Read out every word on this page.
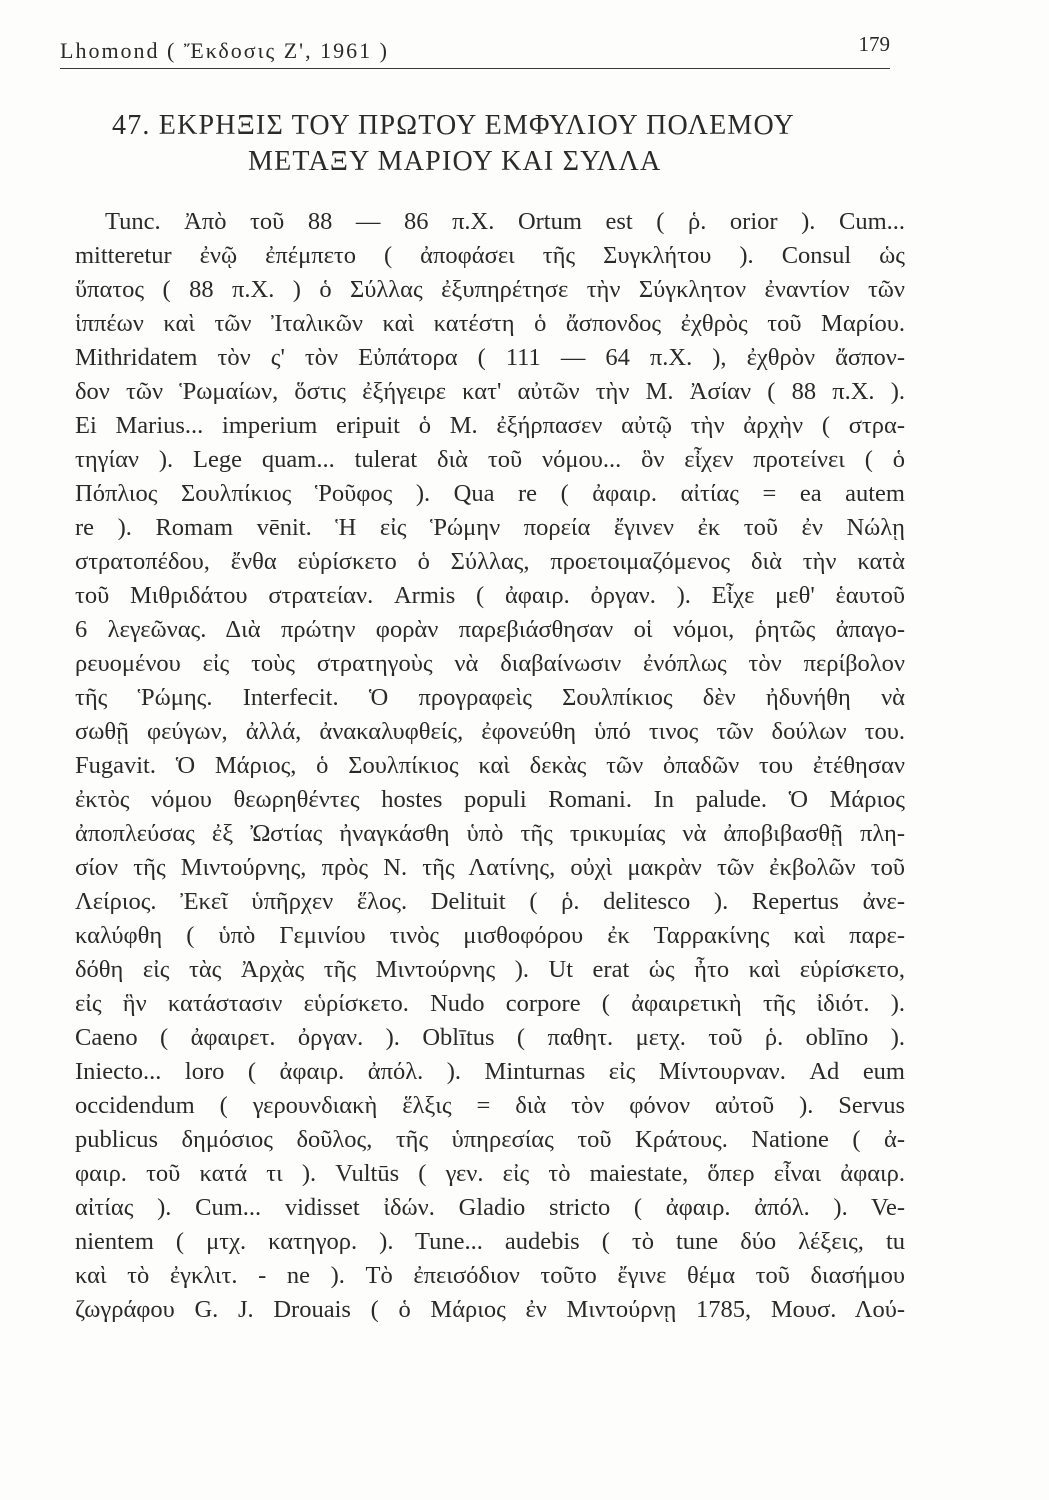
Lhomond ( Ἔκδοσις Ζ', 1961 )	179
47. ΕΚΡΗΞΙΣ ΤΟΥ ΠΡΩΤΟΥ ΕΜΦΥΛΙΟΥ ΠΟΛΕΜΟΥ
ΜΕΤΑΞΥ ΜΑΡΙΟΥ ΚΑΙ ΣΥΛΛΑ
Tunc. Ἀπὸ τοῦ 88 — 86 π.Χ. Ortum est ( ῥ. orior ). Cum...
mitteretur ἐνῷ ἐπέμπετο ( ἀποφάσει τῆς Συγκλήτου ). Consul ὡς
ὕπατος ( 88 π.Χ. ) ὁ Σύλλας ἐξυπηρέτησε τὴν Σύγκλητον ἐναντίον τῶν
ἱππέων καὶ τῶν Ἰταλικῶν καὶ κατέστη ὁ ἄσπονδος ἐχθρὸς τοῦ Μαρίου.
Mithridatem τὸν ς' τὸν Εὐπάτορα ( 111 — 64 π.Χ. ), ἐχθρὸν ἄσπον-
δον τῶν Ῥωμαίων, ὅστις ἐξήγειρε κατ' αὐτῶν τὴν Μ. Ἀσίαν ( 88 π.Χ. ).
Ei Marius... imperium eripuit ὁ Μ. ἐξήρπασεν αὐτῷ τὴν ἀρχὴν ( στρα-
τηγίαν ). Lege quam... tulerat διὰ τοῦ νόμου... ὃν εἶχεν προτείνει ( ὁ
Πόπλιος Σουλπίκιος Ῥοῦφος ). Qua re ( ἀφαιρ. αἰτίας = ea autem
re ). Romam vēnit. Ἡ εἰς Ῥώμην πορεία ἔγινεν ἐκ τοῦ ἐν Νώλῃ
στρατοπέδου, ἔνθα εὑρίσκετο ὁ Σύλλας, προετοιμαζόμενος διὰ τὴν κατὰ
τοῦ Μιθριδάτου στρατείαν. Armis ( ἀφαιρ. ὀργαν. ). Εἶχε μεθ' ἑαυτοῦ
6 λεγεῶνας. Διὰ πρώτην φορὰν παρεβιάσθησαν οἱ νόμοι, ῥητῶς ἀπαγο-
ρευομένου εἰς τοὺς στρατηγοὺς νὰ διαβαίνωσιν ἐνόπλως τὸν περίβολον
τῆς Ῥώμης. Interfecit. Ὁ προγραφεὶς Σουλπίκιος δὲν ἠδυνήθη νὰ
σωθῇ φεύγων, ἀλλά, ἀνακαλυφθείς, ἐφονεύθη ὑπό τινος τῶν δούλων του.
Fugavit. Ὁ Μάριος, ὁ Σουλπίκιος καὶ δεκὰς τῶν ὀπαδῶν του ἐτέθησαν
ἐκτὸς νόμου θεωρηθέντες hostes populi Romani. In palude. Ὁ Μάριος
ἀποπλεύσας ἐξ Ὠστίας ἠναγκάσθη ὑπὸ τῆς τρικυμίας νὰ ἀποβιβασθῇ πλη-
σίον τῆς Μιντούρνης, πρὸς Ν. τῆς Λατίνης, οὐχὶ μακρὰν τῶν ἐκβολῶν τοῦ
Λείριος. Ἐκεῖ ὑπῆρχεν ἕλος. Delituit ( ῥ. delitesco ). Repertus ἀνε-
καλύφθη ( ὑπὸ Γεμινίου τινὸς μισθοφόρου ἐκ Ταρρακίνης καὶ παρε-
δόθη εἰς τὰς Ἀρχὰς τῆς Μιντούρνης ). Ut erat ὡς ἦτο καὶ εὑρίσκετο,
εἰς ἣν κατάστασιν εὑρίσκετο. Nudo corpore ( ἀφαιρετικὴ τῆς ἰδιότ. ).
Caeno ( ἀφαιρετ. ὀργαν. ). Oblītus ( παθητ. μετχ. τοῦ ῥ. oblīno ).
Iniecto... loro ( ἀφαιρ. ἀπόλ. ). Minturnas εἰς Μίντουρναν. Ad eum
occidendum ( γερουνδιακὴ ἕλξις = διὰ τὸν φόνον αὐτοῦ ). Servus
publicus δημόσιος δοῦλος, τῆς ὑπηρεσίας τοῦ Κράτους. Natione ( ἀ-
φαιρ. τοῦ κατά τι ). Vultūs ( γεν. εἰς τὸ maiestate, ὅπερ εἶναι ἀφαιρ.
αἰτίας ). Cum... vidisset ἰδών. Gladio stricto ( ἀφαιρ. ἀπόλ. ). Ve-
nientem ( μτχ. κατηγορ. ). Tune... audebis ( τὸ tune δύο λέξεις, tu
καὶ τὸ ἐγκλιτ. - ne ). Τὸ ἐπεισόδιον τοῦτο ἔγινε θέμα τοῦ διασήμου
ζωγράφου G. J. Drouais ( ὁ Μάριος ἐν Μιντούρνῃ 1785, Μουσ. Λού-
